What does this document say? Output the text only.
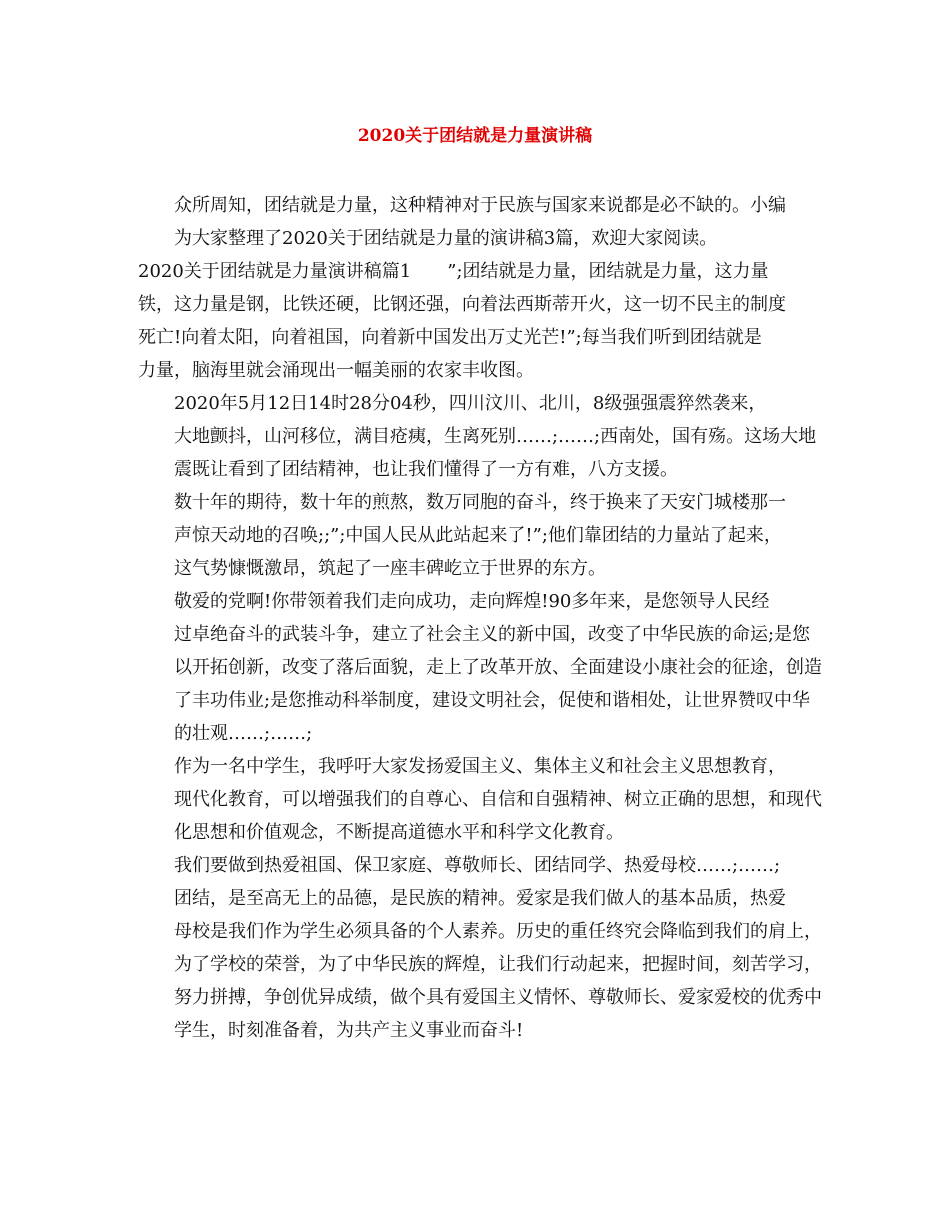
2020关于团结就是力量演讲稿

众所周知，团结就是力量，这种精神对于民族与国家来说都是必不缺的。小编
为大家整理了2020关于团结就是力量的演讲稿3篇，欢迎大家阅读。

2020关于团结就是力量演讲稿篇1　　”;团结就是力量，团结就是力量，这力量
铁，这力量是钢，比铁还硬，比钢还强，向着法西斯蒂开火，这一切不民主的制度
死亡!向着太阳，向着祖国，向着新中国发出万丈光芒!”;每当我们听到团结就是
力量，脑海里就会涌现出一幅美丽的农家丰收图。

2020年5月12日14时28分04秒，四川汶川、北川，8级强强震猝然袭来，
大地颤抖，山河移位，满目疮痍，生离死别……;……;西南处，国有殇。这场大地
震既让看到了团结精神，也让我们懂得了一方有难，八方支援。

数十年的期待，数十年的煎熬，数万同胞的奋斗，终于换来了天安门城楼那一
声惊天动地的召唤;;”;中国人民从此站起来了!”;他们靠团结的力量站了起来，
这气势慷慨激昂，筑起了一座丰碑屹立于世界的东方。

敬爱的党啊!你带领着我们走向成功，走向辉煌!90多年来，是您领导人民经
过卓绝奋斗的武装斗争，建立了社会主义的新中国，改变了中华民族的命运;是您
以开拓创新，改变了落后面貌，走上了改革开放、全面建设小康社会的征途，创造
了丰功伟业;是您推动科举制度，建设文明社会，促使和谐相处，让世界赞叹中华
的壮观……;……;

作为一名中学生，我呼吁大家发扬爱国主义、集体主义和社会主义思想教育，
现代化教育，可以增强我们的自尊心、自信和自强精神、树立正确的思想，和现代
化思想和价值观念，不断提高道德水平和科学文化教育。

我们要做到热爱祖国、保卫家庭、尊敬师长、团结同学、热爱母校……;……;

团结，是至高无上的品德，是民族的精神。爱家是我们做人的基本品质，热爱
母校是我们作为学生必须具备的个人素养。历史的重任终究会降临到我们的肩上，
为了学校的荣誉，为了中华民族的辉煌，让我们行动起来，把握时间，刻苦学习，
努力拼搏，争创优异成绩，做个具有爱国主义情怀、尊敬师长、爱家爱校的优秀中
学生，时刻准备着，为共产主义事业而奋斗!
